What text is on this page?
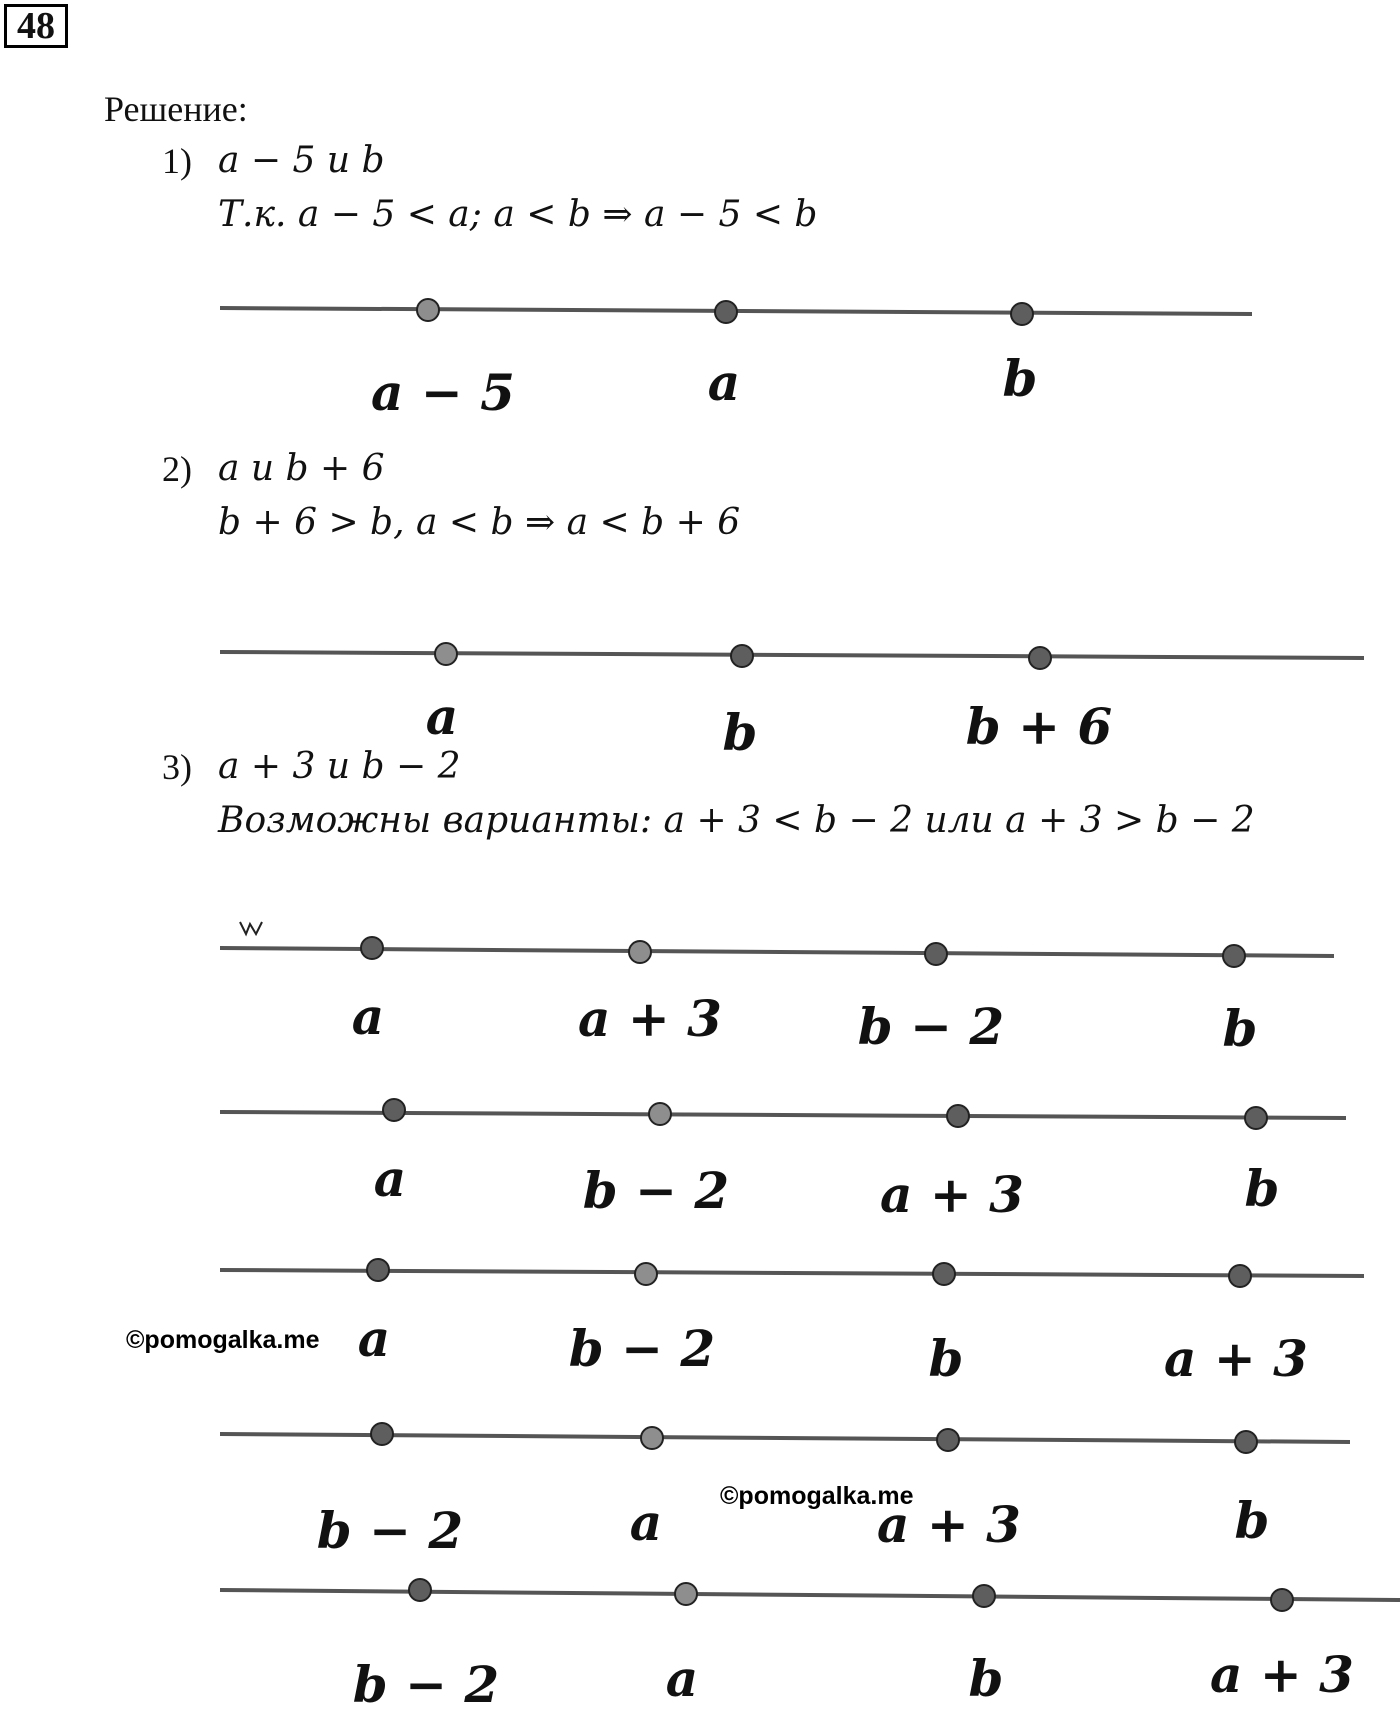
48
Решение:
1) a − 5 и b
Т.к. a − 5 < a; a < b ⇒ a − 5 < b
2) a и b + 6
b + 6 > b, a < b ⇒ a < b + 6
3) a + 3 и b − 2
Возможны варианты: a + 3 < b − 2 или a + 3 > b − 2
a − 5	a	b
a	b	b + 6
a	a + 3	b − 2	b
a	b − 2	a + 3	b
a	b − 2	b	a + 3
b − 2	a	a + 3	b
b − 2	a	b	a + 3
©pomogalka.me
©pomogalka.me
